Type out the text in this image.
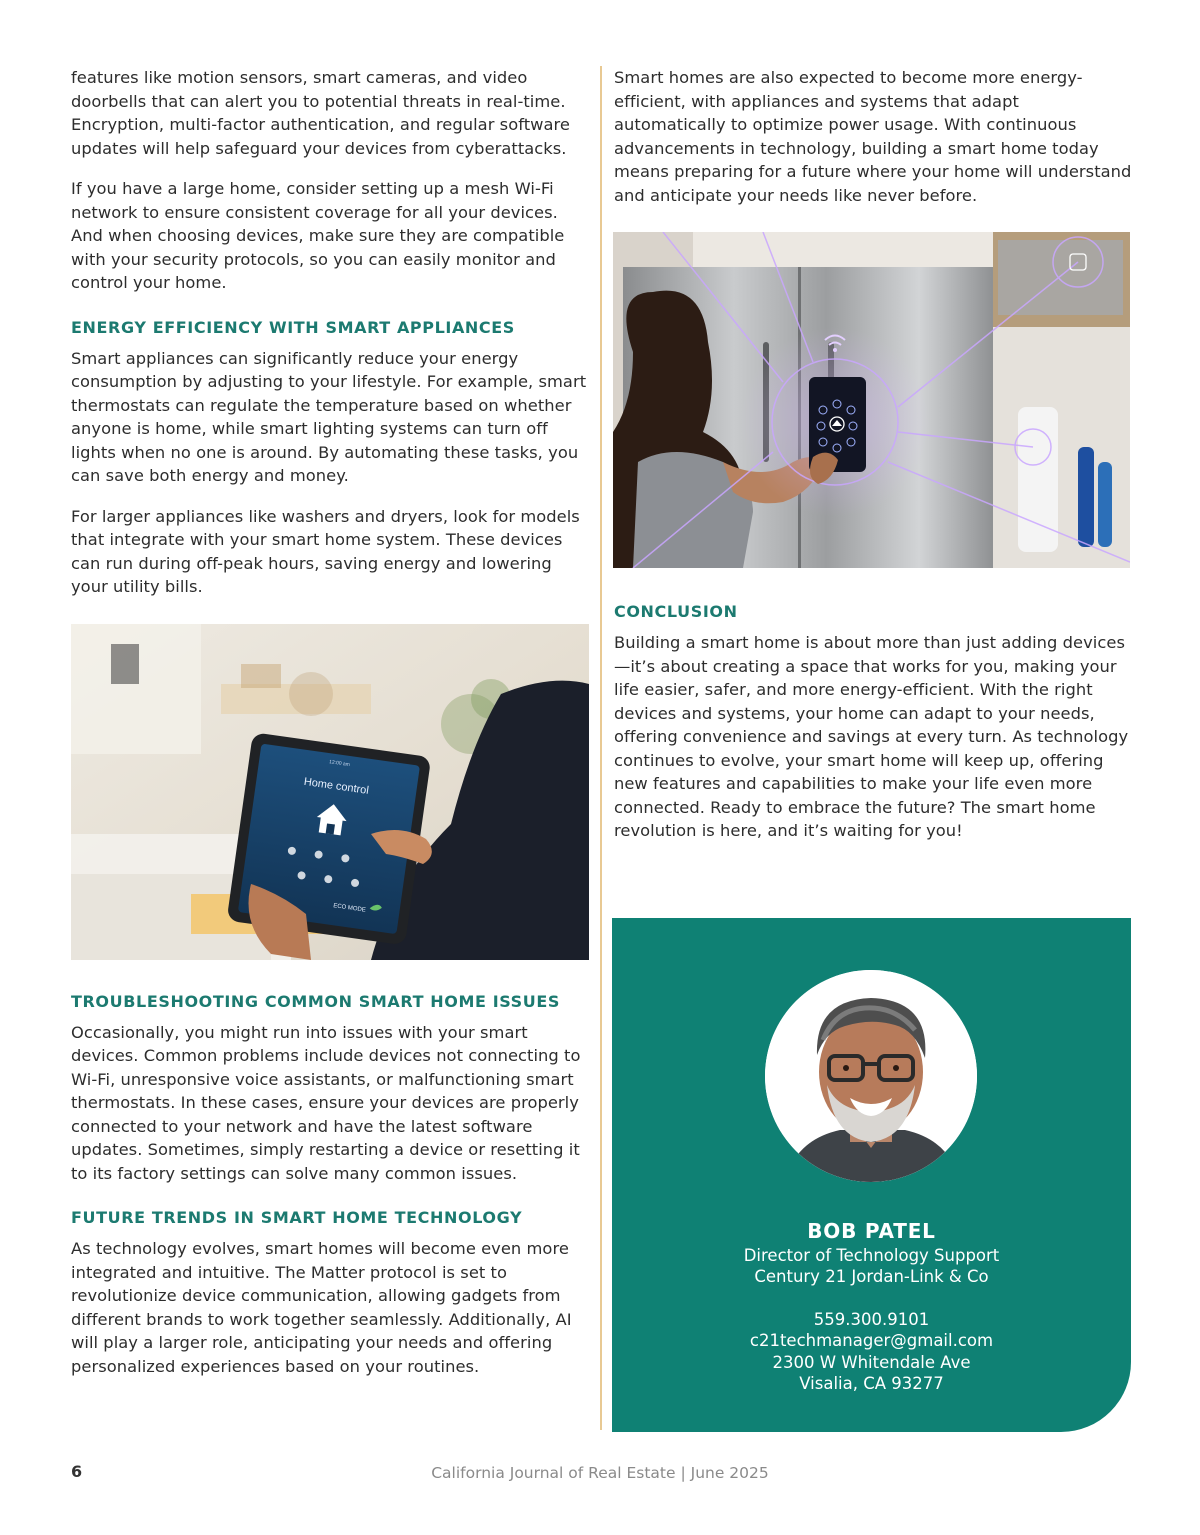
features like motion sensors, smart cameras, and video doorbells that can alert you to potential threats in real-time. Encryption, multi-factor authentication, and regular software updates will help safeguard your devices from cyberattacks.

If you have a large home, consider setting up a mesh Wi-Fi network to ensure consistent coverage for all your devices. And when choosing devices, make sure they are compatible with your security protocols, so you can easily monitor and control your home.

ENERGY EFFICIENCY WITH SMART APPLIANCES

Smart appliances can significantly reduce your energy consumption by adjusting to your lifestyle. For example, smart thermostats can regulate the temperature based on whether anyone is home, while smart lighting systems can turn off lights when no one is around. By automating these tasks, you can save both energy and money.

For larger appliances like washers and dryers, look for models that integrate with your smart home system. These devices can run during off-peak hours, saving energy and lowering your utility bills.

Home control
12:00 am
ECO MODE
TROUBLESHOOTING COMMON SMART HOME ISSUES

Occasionally, you might run into issues with your smart devices. Common problems include devices not connecting to Wi-Fi, unresponsive voice assistants, or malfunctioning smart thermostats. In these cases, ensure your devices are properly connected to your network and have the latest software updates. Sometimes, simply restarting a device or resetting it to its factory settings can solve many common issues.

FUTURE TRENDS IN SMART HOME TECHNOLOGY

As technology evolves, smart homes will become even more integrated and intuitive. The Matter protocol is set to revolutionize device communication, allowing gadgets from different brands to work together seamlessly. Additionally, AI will play a larger role, anticipating your needs and offering personalized experiences based on your routines.

Smart homes are also expected to become more energy-efficient, with appliances and systems that adapt automatically to optimize power usage. With continuous advancements in technology, building a smart home today means preparing for a future where your home will understand and anticipate your needs like never before.

CONCLUSION

Building a smart home is about more than just adding devices—it’s about creating a space that works for you, making your life easier, safer, and more energy-efficient. With the right devices and systems, your home can adapt to your needs, offering convenience and savings at every turn. As technology continues to evolve, your smart home will keep up, offering new features and capabilities to make your life even more connected. Ready to embrace the future? The smart home revolution is here, and it’s waiting for you!

BOB PATEL
Director of Technology Support
Century 21 Jordan-Link & Co
559.300.9101
c21techmanager@gmail.com
2300 W Whitendale Ave
Visalia, CA 93277
6	California Journal of Real Estate | June 2025
